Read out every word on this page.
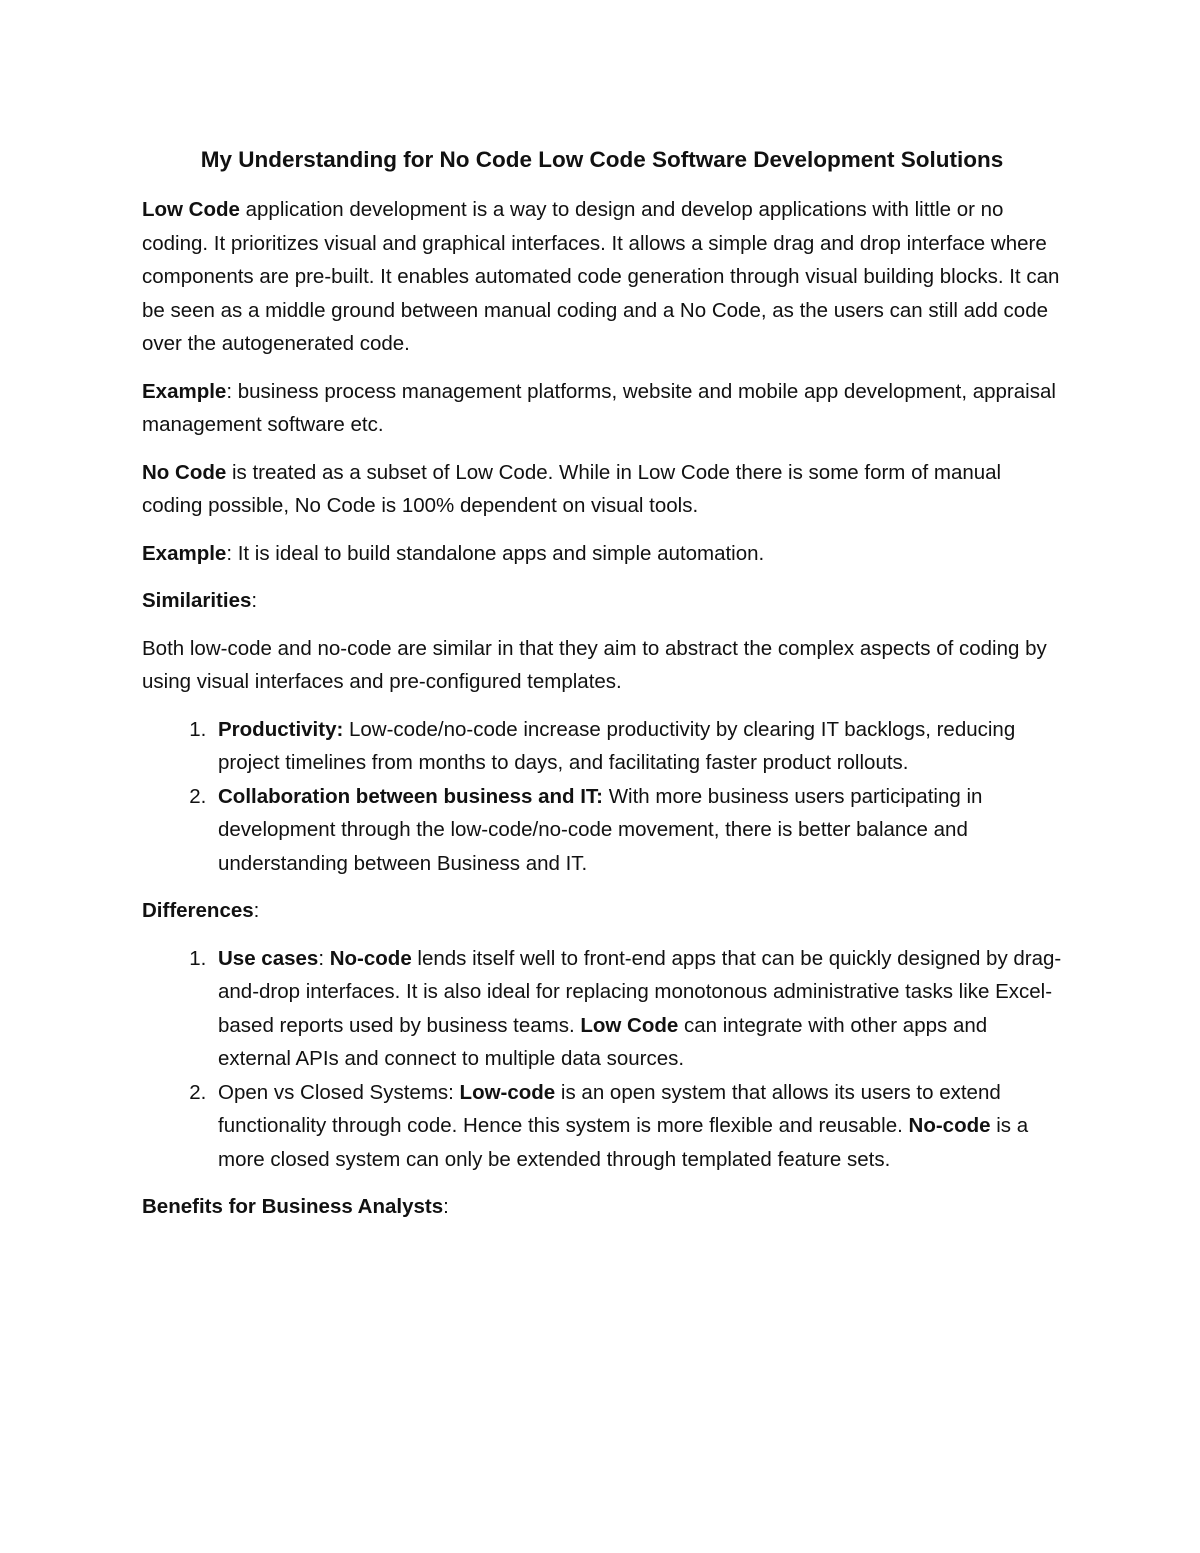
My Understanding for No Code Low Code Software Development Solutions

Low Code application development is a way to design and develop applications with little or no coding. It prioritizes visual and graphical interfaces. It allows a simple drag and drop interface where components are pre-built. It enables automated code generation through visual building blocks. It can be seen as a middle ground between manual coding and a No Code, as the users can still add code over the autogenerated code.

Example: business process management platforms, website and mobile app development, appraisal management software etc.

No Code is treated as a subset of Low Code. While in Low Code there is some form of manual coding possible, No Code is 100% dependent on visual tools.

Example: It is ideal to build standalone apps and simple automation.

Similarities:

Both low-code and no-code are similar in that they aim to abstract the complex aspects of coding by using visual interfaces and pre-configured templates.

1. Productivity: Low-code/no-code increase productivity by clearing IT backlogs, reducing project timelines from months to days, and facilitating faster product rollouts.
2. Collaboration between business and IT: With more business users participating in development through the low-code/no-code movement, there is better balance and understanding between Business and IT.

Differences:

1. Use cases: No-code lends itself well to front-end apps that can be quickly designed by drag-and-drop interfaces. It is also ideal for replacing monotonous administrative tasks like Excel-based reports used by business teams. Low Code can integrate with other apps and external APIs and connect to multiple data sources.
2. Open vs Closed Systems: Low-code is an open system that allows its users to extend functionality through code. Hence this system is more flexible and reusable. No-code is a more closed system can only be extended through templated feature sets.

Benefits for Business Analysts:
